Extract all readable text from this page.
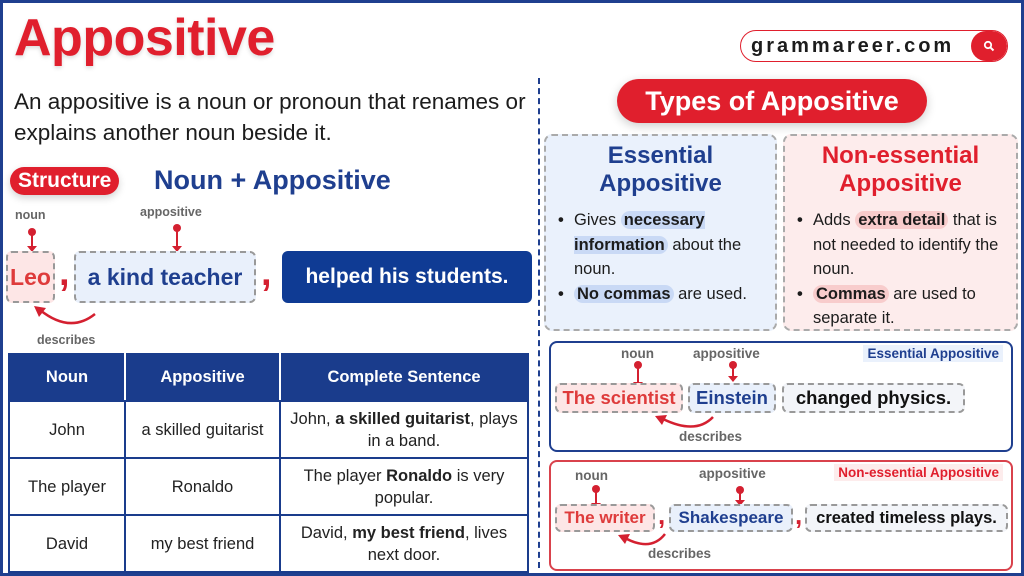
Appositive

An appositive is a noun or pronoun that renames or explains another noun beside it.

grammareer.com
Structure Noun + Appositive
noun	appositive
Leo , a kind teacher ,	helped his students.
describes
Noun	Appositive	Complete Sentence
John	a skilled guitarist	John, a skilled guitarist, plays in a band.
The player	Ronaldo	The player Ronaldo is very popular.
David	my best friend	David, my best friend, lives next door.
Types of Appositive
Essential
Appositive
• Gives necessary information about the noun.
• No commas are used.
Non-essential
Appositive
• Adds extra detail that is not needed to identify the noun.
• Commas are used to separate it.
Essential Appositive
noun	appositive
The scientist	Einstein	changed physics.
describes
Non-essential Appositive
noun	appositive
The writer , Shakespeare , created timeless plays.
describes
